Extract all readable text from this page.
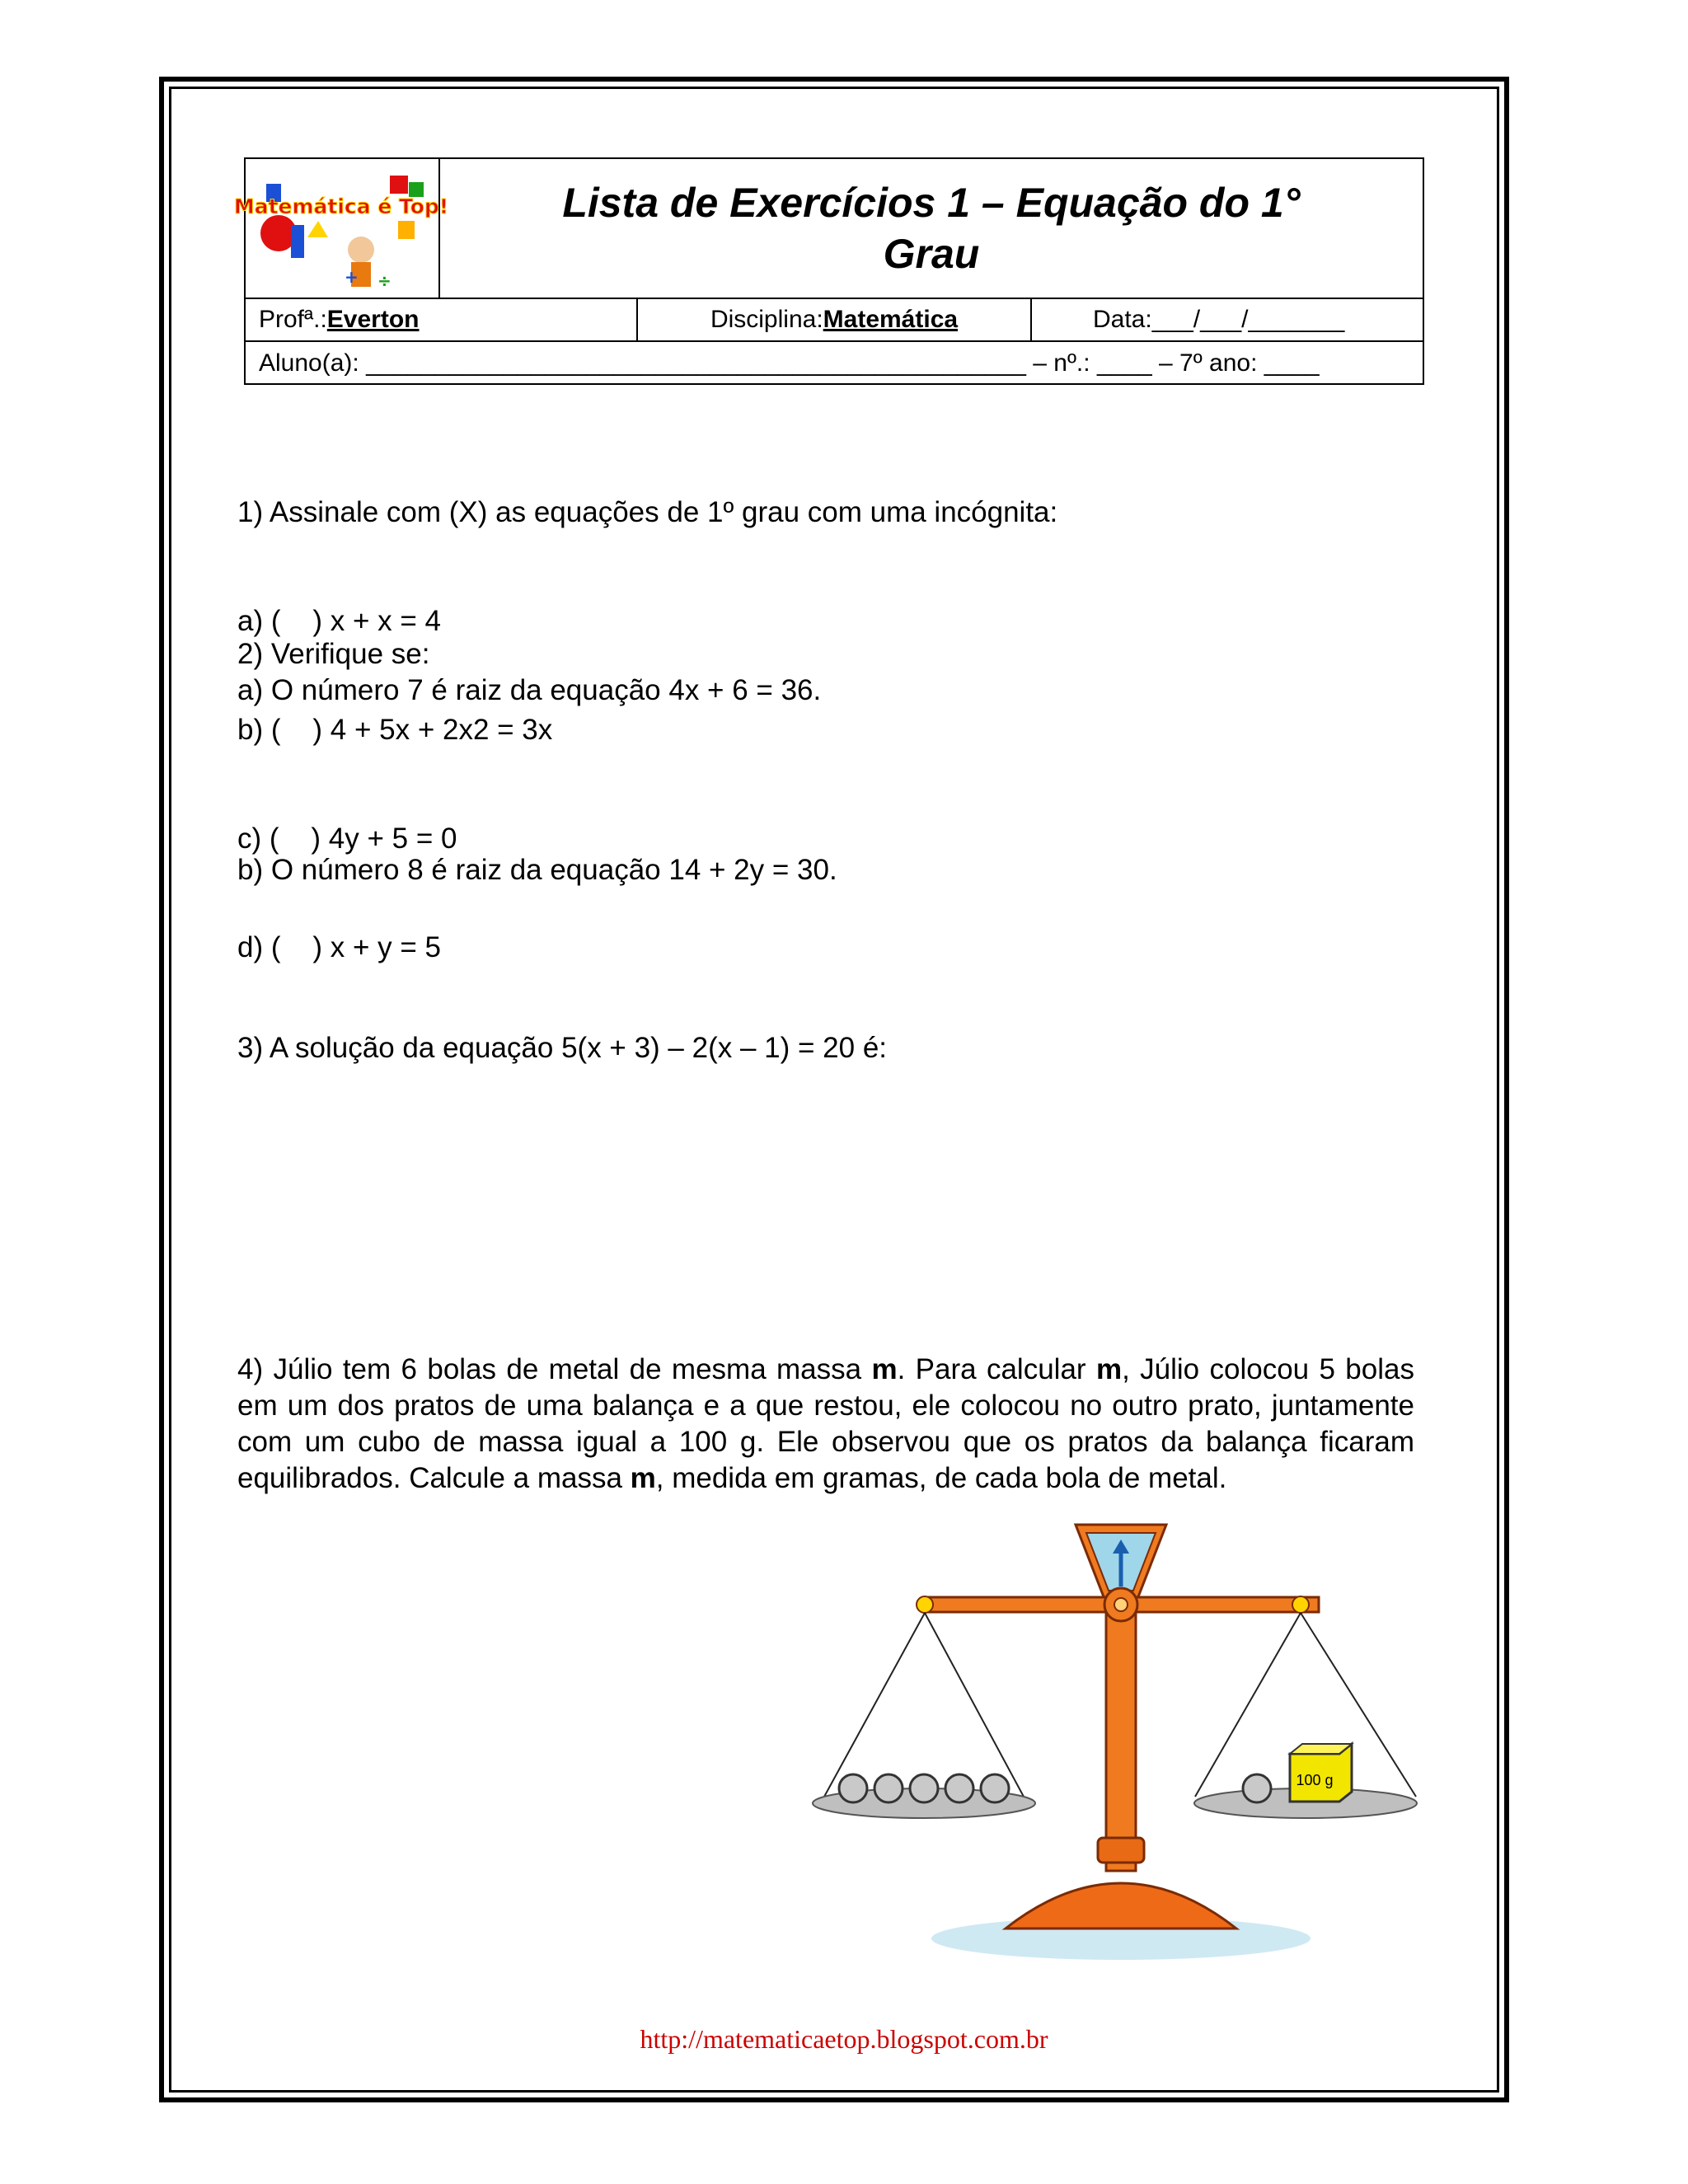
+ ÷
Matemática é Top!	Lista de Exercícios 1 – Equação do 1° Grau
Profª.: Everton	Disciplina: Matemática	Data: ___/___/_______
Aluno(a): ________________________________________________ – nº.: ____ – 7º ano: ____

1) Assinale com (X) as equações de 1º grau com uma incógnita:

a) (    ) x + x = 4

b) (    ) 4 + 5x + 2x2 = 3x

c) (    ) 4y + 5 = 0

d) (    ) x + y = 5

2) Verifique se:

a) O número 7 é raiz da equação 4x + 6 = 36.

b) O número 8 é raiz da equação 14 + 2y = 30.

3) A solução da equação 5(x + 3) – 2(x – 1) = 20 é:

4) Júlio tem 6 bolas de metal de mesma massa m. Para calcular m, Júlio colocou 5 bolas em um dos pratos de uma balança e a que restou, ele colocou no outro prato, juntamente com um cubo de massa igual a 100 g. Ele observou que os pratos da balança ficaram equilibrados. Calcule a massa m, medida em gramas, de cada bola de metal.

100 g
http://matematicaetop.blogspot.com.br
